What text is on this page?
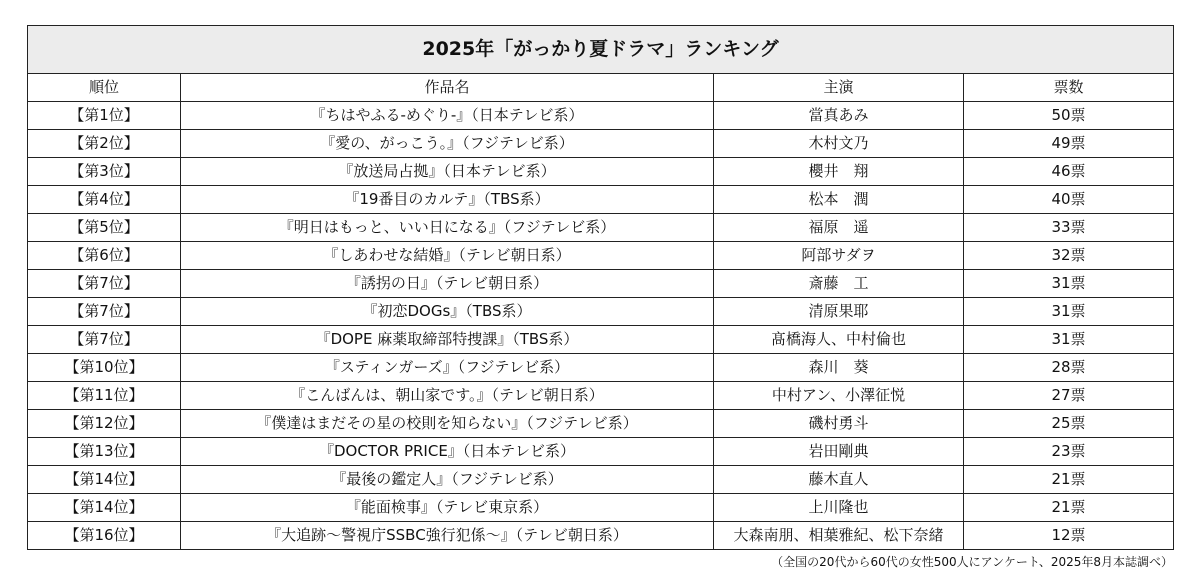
2025年「がっかり夏ドラマ」ランキング			
順位	作品名	主演	票数
【第1位】	『ちはやふる-めぐり-』（日本テレビ系）	當真あみ	50票
【第2位】	『愛の、がっこう。』（フジテレビ系）	木村文乃	49票
【第3位】	『放送局占拠』（日本テレビ系）	櫻井　翔	46票
【第4位】	『19番目のカルテ』（TBS系）	松本　潤	40票
【第5位】	『明日はもっと、いい日になる』（フジテレビ系）	福原　遥	33票
【第6位】	『しあわせな結婚』（テレビ朝日系）	阿部サダヲ	32票
【第7位】	『誘拐の日』（テレビ朝日系）	斎藤　工	31票
【第7位】	『初恋DOGs』（TBS系）	清原果耶	31票
【第7位】	『DOPE 麻薬取締部特捜課』（TBS系）	髙橋海人、中村倫也	31票
【第10位】	『スティンガーズ』（フジテレビ系）	森川　葵	28票
【第11位】	『こんばんは、朝山家です。』（テレビ朝日系）	中村アン、小澤征悦	27票
【第12位】	『僕達はまだその星の校則を知らない』（フジテレビ系）	磯村勇斗	25票
【第13位】	『DOCTOR PRICE』（日本テレビ系）	岩田剛典	23票
【第14位】	『最後の鑑定人』（フジテレビ系）	藤木直人	21票
【第14位】	『能面検事』（テレビ東京系）	上川隆也	21票
【第16位】	『大追跡〜警視庁SSBC強行犯係〜』（テレビ朝日系）	大森南朋、相葉雅紀、松下奈緒	12票
（全国の20代から60代の女性500人にアンケート、2025年8月本誌調べ）
